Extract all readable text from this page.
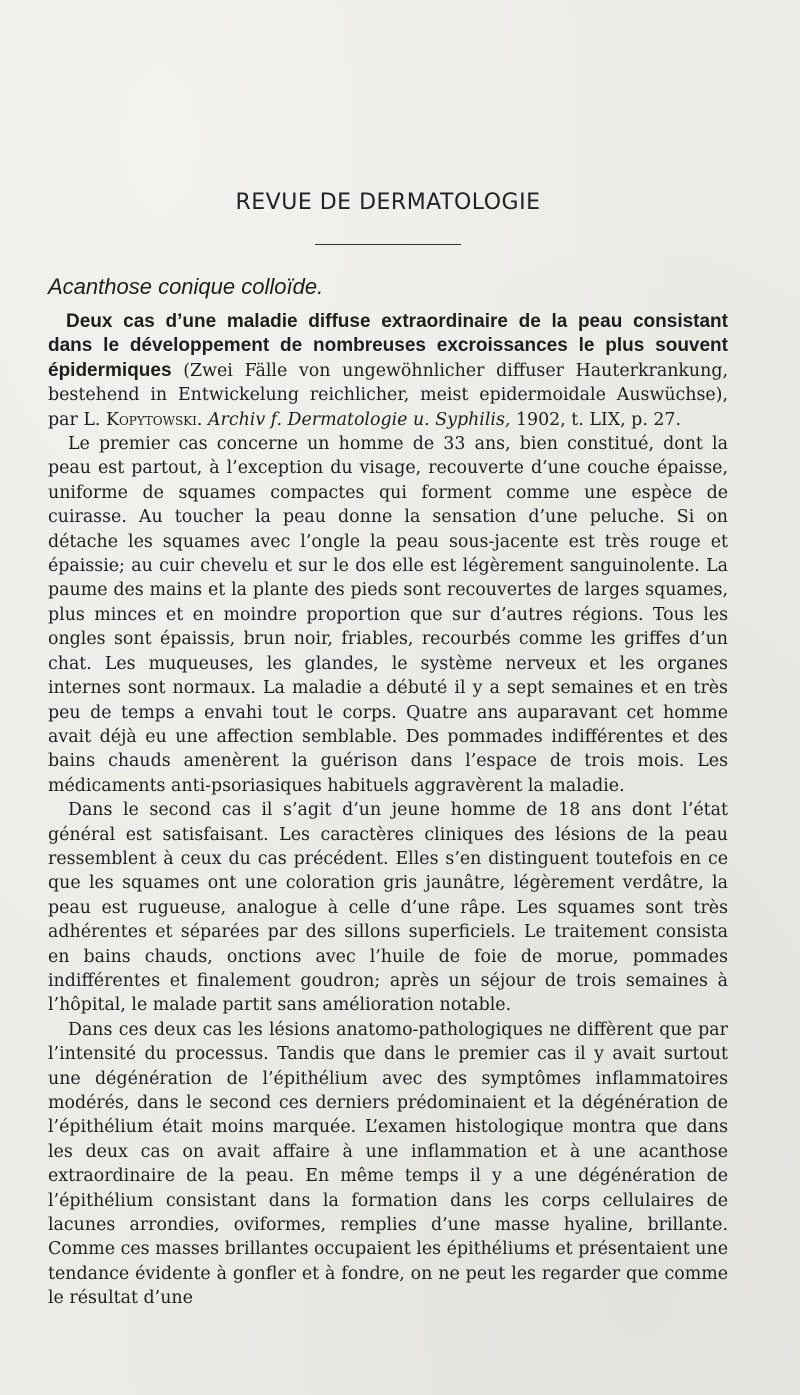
REVUE DE DERMATOLOGIE
Acanthose conique colloïde.

Deux cas d’une maladie diffuse extraordinaire de la peau consistant dans le développement de nombreuses excroissances le plus souvent épidermiques (Zwei Fälle von ungewöhnlicher diffuser Hauterkrankung, bestehend in Entwickelung reichlicher, meist epidermoidale Auswüchse), par L. Kopytowski. Archiv f. Dermatologie u. Syphilis, 1902, t. LIX, p. 27.

Le premier cas concerne un homme de 33 ans, bien constitué, dont la peau est partout, à l’exception du visage, recouverte d’une couche épaisse, uniforme de squames compactes qui forment comme une espèce de cuirasse. Au toucher la peau donne la sensation d’une peluche. Si on détache les squames avec l’ongle la peau sous-jacente est très rouge et épaissie; au cuir chevelu et sur le dos elle est légèrement sanguinolente. La paume des mains et la plante des pieds sont recouvertes de larges squames, plus minces et en moindre proportion que sur d’autres régions. Tous les ongles sont épaissis, brun noir, friables, recourbés comme les griffes d’un chat. Les muqueuses, les glandes, le système nerveux et les organes internes sont normaux. La maladie a débuté il y a sept semaines et en très peu de temps a envahi tout le corps. Quatre ans auparavant cet homme avait déjà eu une affection semblable. Des pommades indifférentes et des bains chauds amenèrent la guérison dans l’espace de trois mois. Les médicaments anti-psoriasiques habituels aggravèrent la maladie.

Dans le second cas il s’agit d’un jeune homme de 18 ans dont l’état général est satisfaisant. Les caractères cliniques des lésions de la peau ressemblent à ceux du cas précédent. Elles s’en distinguent toutefois en ce que les squames ont une coloration gris jaunâtre, légèrement verdâtre, la peau est rugueuse, analogue à celle d’une râpe. Les squames sont très adhérentes et séparées par des sillons superficiels. Le traitement consista en bains chauds, onctions avec l’huile de foie de morue, pommades indifférentes et finalement goudron; après un séjour de trois semaines à l’hôpital, le malade partit sans amélioration notable.

Dans ces deux cas les lésions anatomo-pathologiques ne diffèrent que par l’intensité du processus. Tandis que dans le premier cas il y avait surtout une dégénération de l’épithélium avec des symptômes inflammatoires modérés, dans le second ces derniers prédominaient et la dégénération de l’épithélium était moins marquée. L’examen histologique montra que dans les deux cas on avait affaire à une inflammation et à une acanthose extraordinaire de la peau. En même temps il y a une dégénération de l’épithélium consistant dans la formation dans les corps cellulaires de lacunes arrondies, oviformes, remplies d’une masse hyaline, brillante. Comme ces masses brillantes occupaient les épithéliums et présentaient une tendance évidente à gonfler et à fondre, on ne peut les regarder que comme le résultat d’une
